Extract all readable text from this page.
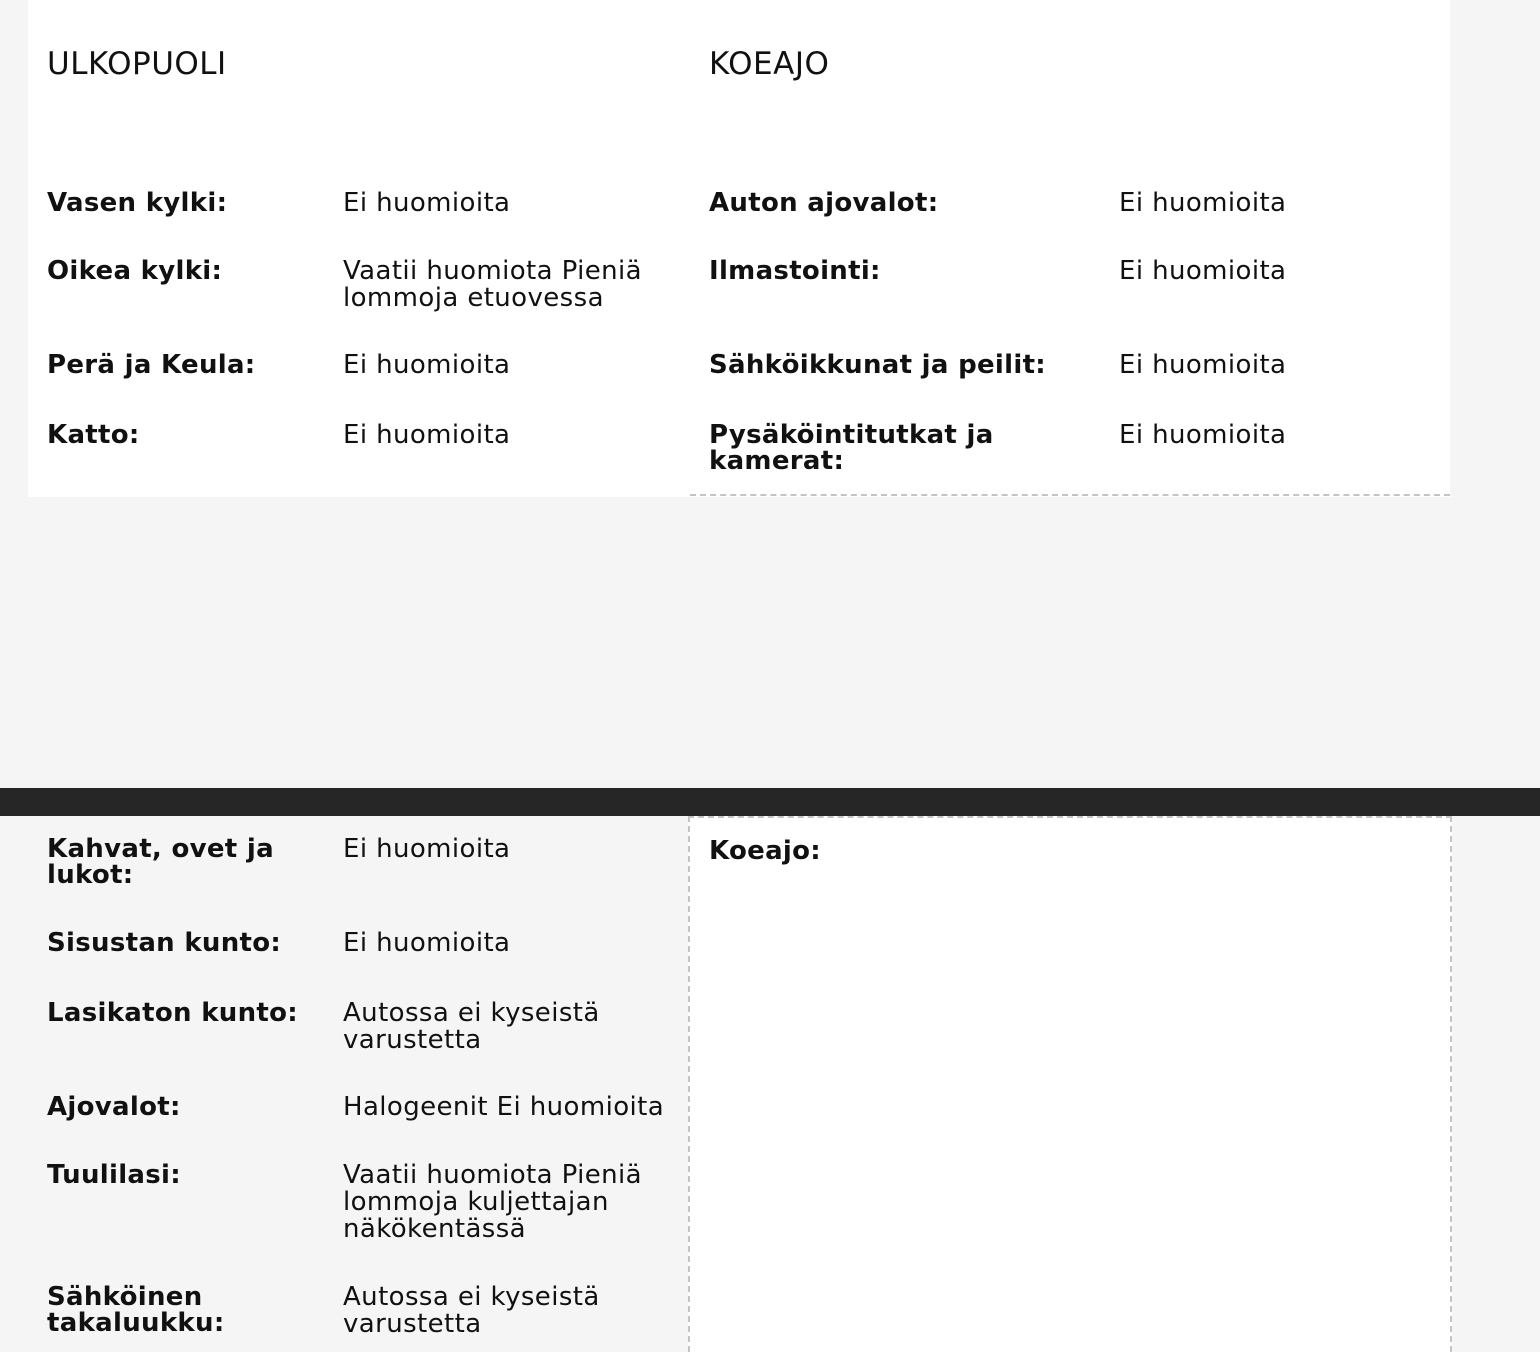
ULKOPUOLI	KOEAJO
Vasen kylki:	Ei huomioita
Oikea kylki:	Vaatii huomiota Pieniä lommoja etuovessa
Perä ja Keula:	Ei huomioita
Katto:	Ei huomioita
Auton ajovalot:	Ei huomioita
Ilmastointi:	Ei huomioita
Sähköikkunat ja peilit:	Ei huomioita
Pysäköintitutkat ja kamerat:
Ei huomioita
Kahvat, ovet ja lukot:
Ei huomioita
Sisustan kunto:	Ei huomioita
Lasikaton kunto:	Autossa ei kyseistä varustetta
Ajovalot:	Halogeenit Ei huomioita
Tuulilasi:	Vaatii huomiota Pieniä lommoja kuljettajan näkökentässä
Sähköinen takaluukku:
Autossa ei kyseistä varustetta
Koeajo:
